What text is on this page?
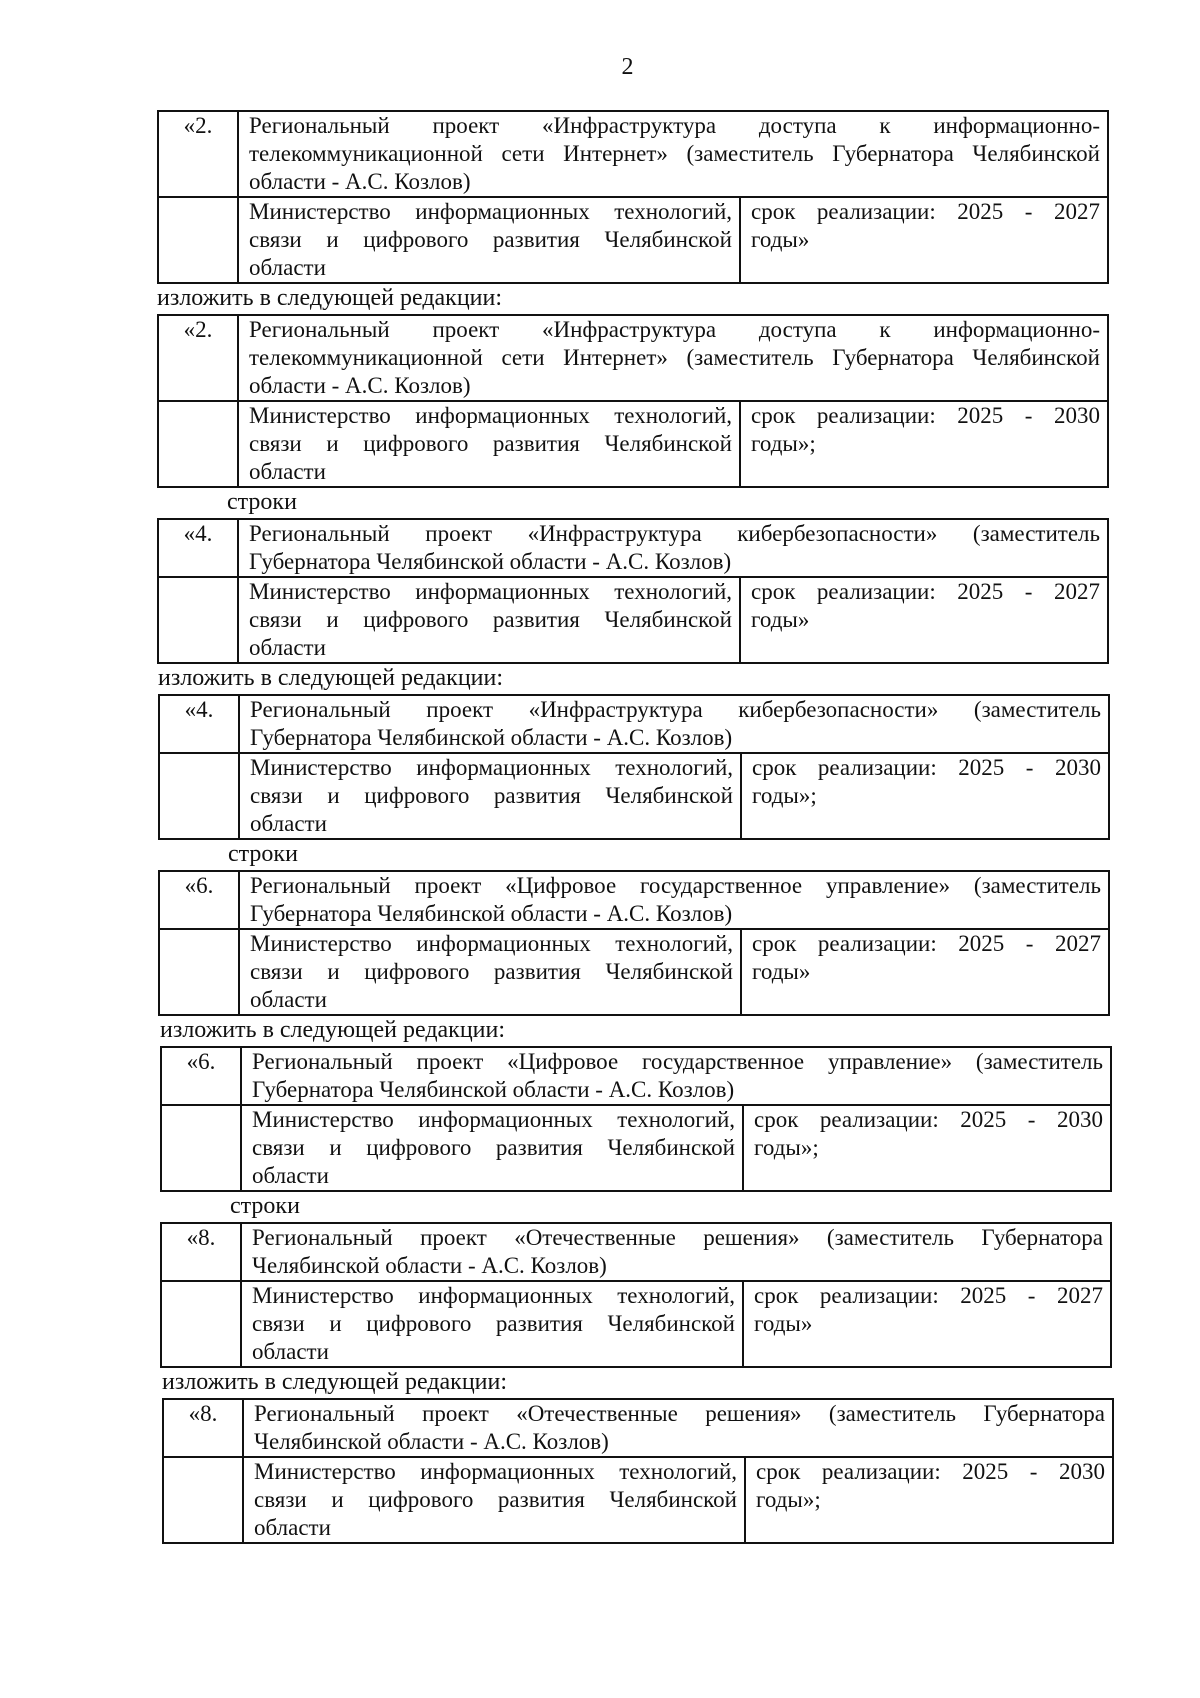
2
«2.	Региональный проект «Инфраструктура доступа к информационно-телекоммуникационной сети Интернет» (заместитель Губернатора Челябинской области - А.С. Козлов)	
	Министерство информационных технологий, связи и цифрового развития Челябинской области	срок реализации: 2025 - 2027 годы»
изложить в следующей редакции:
«2.	Региональный проект «Инфраструктура доступа к информационно-телекоммуникационной сети Интернет» (заместитель Губернатора Челябинской области - А.С. Козлов)	
	Министерство информационных технологий, связи и цифрового развития Челябинской области	срок реализации: 2025 - 2030 годы»;
строки
«4.	Региональный проект «Инфраструктура кибербезопасности» (заместитель Губернатора Челябинской области - А.С. Козлов)	
	Министерство информационных технологий, связи и цифрового развития Челябинской области	срок реализации: 2025 - 2027 годы»
изложить в следующей редакции:
«4.	Региональный проект «Инфраструктура кибербезопасности» (заместитель Губернатора Челябинской области - А.С. Козлов)	
	Министерство информационных технологий, связи и цифрового развития Челябинской области	срок реализации: 2025 - 2030 годы»;
строки
«6.	Региональный проект «Цифровое государственное управление» (заместитель Губернатора Челябинской области - А.С. Козлов)	
	Министерство информационных технологий, связи и цифрового развития Челябинской области	срок реализации: 2025 - 2027 годы»
изложить в следующей редакции:
«6.	Региональный проект «Цифровое государственное управление» (заместитель Губернатора Челябинской области - А.С. Козлов)	
	Министерство информационных технологий, связи и цифрового развития Челябинской области	срок реализации: 2025 - 2030 годы»;
строки
«8.	Региональный проект «Отечественные решения» (заместитель Губернатора Челябинской области - А.С. Козлов)	
	Министерство информационных технологий, связи и цифрового развития Челябинской области	срок реализации: 2025 - 2027 годы»
изложить в следующей редакции:
«8.	Региональный проект «Отечественные решения» (заместитель Губернатора Челябинской области - А.С. Козлов)	
	Министерство информационных технологий, связи и цифрового развития Челябинской области	срок реализации: 2025 - 2030 годы»;
